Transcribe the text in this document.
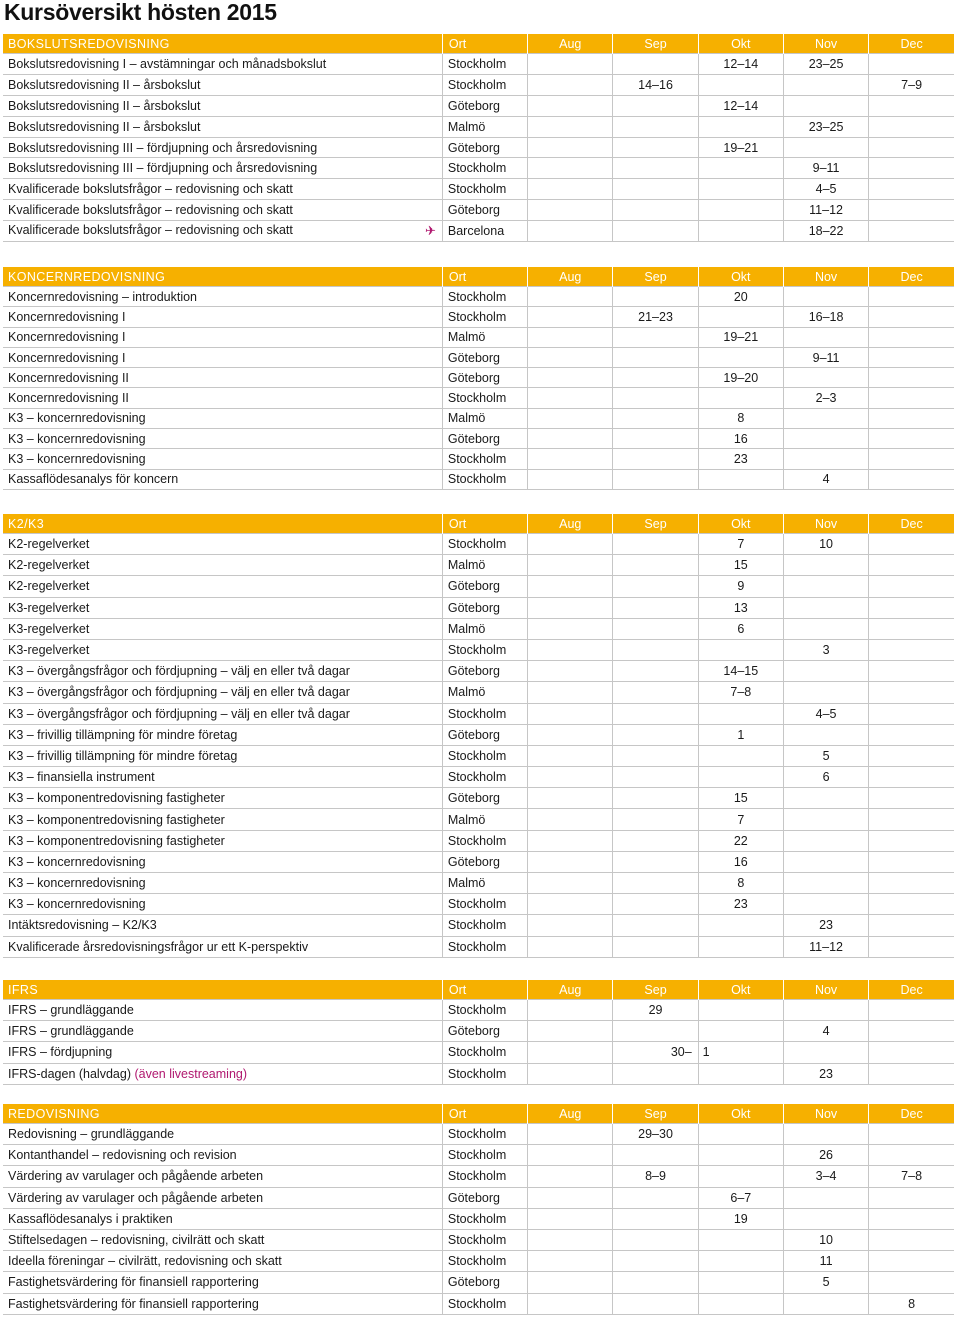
Kursöversikt hösten 2015
BOKSLUTSREDOVISNING	Ort	Aug	Sep	Okt	Nov	Dec
Bokslutsredovisning I – avstämningar och månadsbokslut	Stockholm			12–14	23–25	
Bokslutsredovisning II – årsbokslut	Stockholm		14–16			7–9
Bokslutsredovisning II – årsbokslut	Göteborg			12–14		
Bokslutsredovisning II – årsbokslut	Malmö				23–25	
Bokslutsredovisning III – fördjupning och årsredovisning	Göteborg			19–21		
Bokslutsredovisning III – fördjupning och årsredovisning	Stockholm				9–11	
Kvalificerade bokslutsfrågor – redovisning och skatt	Stockholm				4–5	
Kvalificerade bokslutsfrågor – redovisning och skatt	Göteborg				11–12	
Kvalificerade bokslutsfrågor – redovisning och skatt ✈	Barcelona				18–22	
KONCERNREDOVISNING	Ort	Aug	Sep	Okt	Nov	Dec
Koncernredovisning – introduktion	Stockholm			20		
Koncernredovisning I	Stockholm		21–23		16–18	
Koncernredovisning I	Malmö			19–21		
Koncernredovisning I	Göteborg				9–11	
Koncernredovisning II	Göteborg			19–20		
Koncernredovisning II	Stockholm				2–3	
K3 – koncernredovisning	Malmö			8		
K3 – koncernredovisning	Göteborg			16		
K3 – koncernredovisning	Stockholm			23		
Kassaflödesanalys för koncern	Stockholm				4	
K2/K3	Ort	Aug	Sep	Okt	Nov	Dec
K2-regelverket	Stockholm			7	10	
K2-regelverket	Malmö			15		
K2-regelverket	Göteborg			9		
K3-regelverket	Göteborg			13		
K3-regelverket	Malmö			6		
K3-regelverket	Stockholm				3	
K3 – övergångsfrågor och fördjupning – välj en eller två dagar	Göteborg			14–15		
K3 – övergångsfrågor och fördjupning – välj en eller två dagar	Malmö			7–8		
K3 – övergångsfrågor och fördjupning – välj en eller två dagar	Stockholm				4–5	
K3 – frivillig tillämpning för mindre företag	Göteborg			1		
K3 – frivillig tillämpning för mindre företag	Stockholm				5	
K3 – finansiella instrument	Stockholm				6	
K3 – komponentredovisning fastigheter	Göteborg			15		
K3 – komponentredovisning fastigheter	Malmö			7		
K3 – komponentredovisning fastigheter	Stockholm			22		
K3 – koncernredovisning	Göteborg			16		
K3 – koncernredovisning	Malmö			8		
K3 – koncernredovisning	Stockholm			23		
Intäktsredovisning – K2/K3	Stockholm				23	
Kvalificerade årsredovisningsfrågor ur ett K-perspektiv	Stockholm				11–12	
IFRS	Ort	Aug	Sep	Okt	Nov	Dec
IFRS – grundläggande	Stockholm		29			
IFRS – grundläggande	Göteborg				4	
IFRS – fördjupning	Stockholm		30–	1		
IFRS-dagen (halvdag) (även livestreaming)	Stockholm				23	
REDOVISNING	Ort	Aug	Sep	Okt	Nov	Dec
Redovisning – grundläggande	Stockholm		29–30			
Kontanthandel – redovisning och revision	Stockholm				26	
Värdering av varulager och pågående arbeten	Stockholm		8–9		3–4	7–8
Värdering av varulager och pågående arbeten	Göteborg			6–7		
Kassaflödesanalys i praktiken	Stockholm			19		
Stiftelsedagen – redovisning, civilrätt och skatt	Stockholm				10	
Ideella föreningar – civilrätt, redovisning och skatt	Stockholm				11	
Fastighetsvärdering för finansiell rapportering	Göteborg				5	
Fastighetsvärdering för finansiell rapportering	Stockholm					8
